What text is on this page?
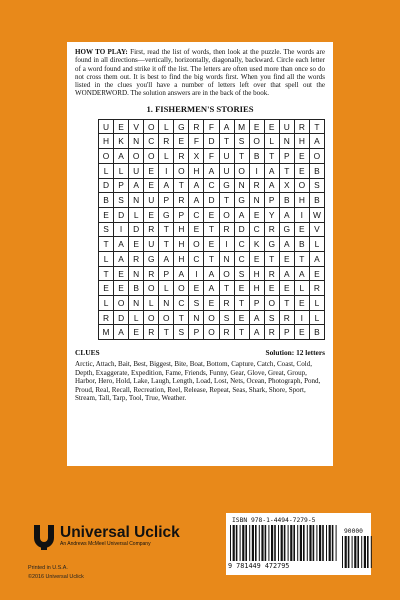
HOW TO PLAY: First, read the list of words, then look at the puzzle. The words are found in all directions—vertically, horizontally, diagonally, backward. Circle each letter of a word found and strike it off the list. The letters are often used more than once so do not cross them out. It is best to find the big words first. When you find all the words listed in the clues you'll have a number of letters left over that spell out the WONDERWORD. The solution answers are in the back of the book.

1. FISHERMEN'S STORIES
U	E	V	O	L	G	R	F	A	M	E	E	U	R	T
H	K	N	C	R	E	F	D	T	S	O	L	N	H	A
O	A	O	O	L	R	X	F	U	T	B	T	P	E	O
L	L	U	E	I	O	H	A	U	O	I	A	T	E	B
D	P	A	E	A	T	A	C	G	N	R	A	X	O	S
B	S	N	U	P	R	A	D	T	G	N	P	B	H	B
E	D	L	E	G	P	C	E	O	A	E	Y	A	I	W
S	I	D	R	T	H	E	T	R	D	C	R	G	E	V
T	A	E	U	T	H	O	E	I	C	K	G	A	B	L
L	A	R	G	A	H	C	T	N	C	E	T	E	T	A
T	E	N	R	P	A	I	A	O	S	H	R	A	A	E
E	E	B	O	L	O	E	A	T	E	H	E	E	L	R
L	O	N	L	N	C	S	E	R	T	P	O	T	E	L
R	D	L	O	O	T	N	O	S	E	A	S	R	I	L
M	A	E	R	T	S	P	O	R	T	A	R	P	E	B
CLUES	Solution: 12 letters

Arctic, Attach, Bait, Best, Biggest, Bite, Boat, Bottom, Capture, Catch, Coast, Cold, Depth, Exaggerate, Expedition, Fame, Friends, Funny, Gear, Glove, Great, Group, Harbor, Hero, Hold, Lake, Laugh, Length, Load, Lost, Nets, Ocean, Photograph, Pond, Proud, Real, Recall, Recreation, Reel, Release, Repeat, Seas, Shark, Shore, Sport, Stream, Tall, Tarp, Tool, True, Weather.

Universal Uclick
An Andrews McMeel Universal Company
Printed in U.S.A.
©2016 Universal Uclick
ISBN 978-1-4494-7279-5
9 781449 472795
90000
